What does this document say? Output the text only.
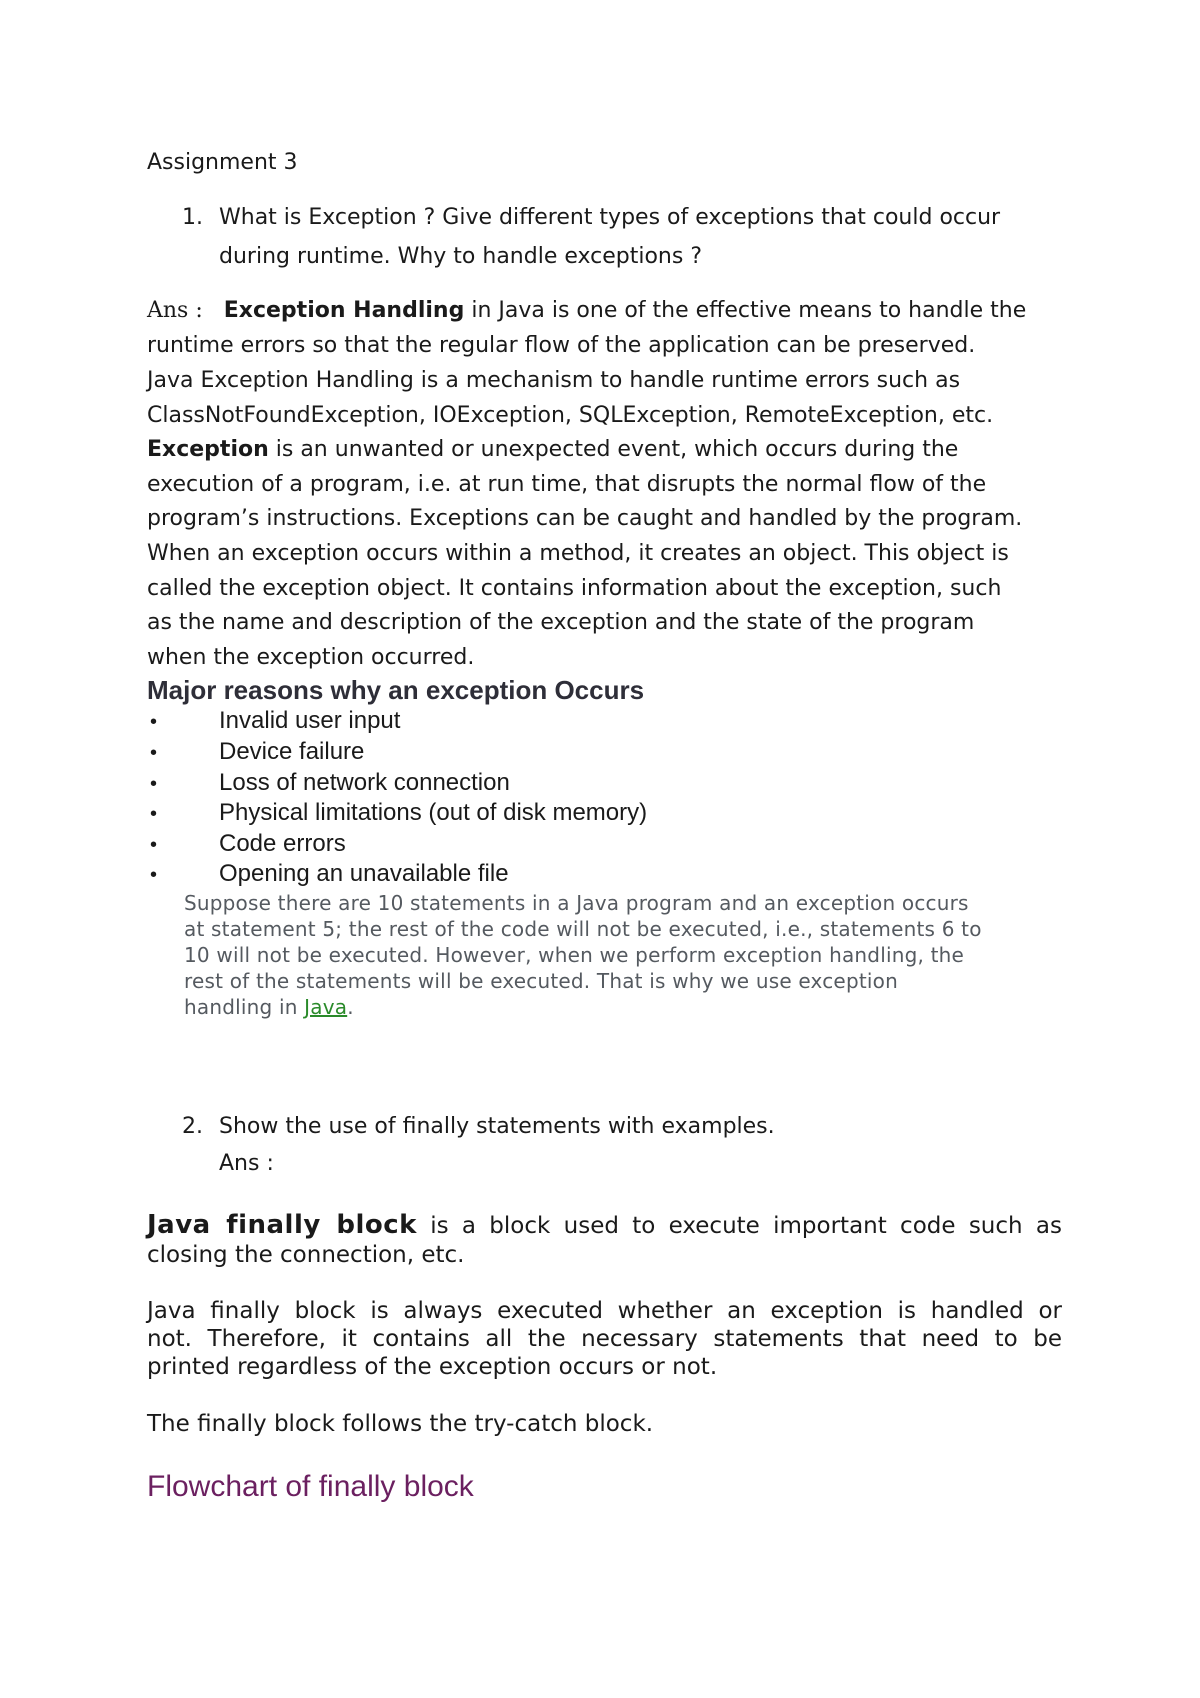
Assignment 3
1. What is Exception ? Give different types of exceptions that could occur
during runtime. Why to handle exceptions ?
Ans : Exception Handling in Java is one of the effective means to handle the
runtime errors so that the regular flow of the application can be preserved.
Java Exception Handling is a mechanism to handle runtime errors such as
ClassNotFoundException, IOException, SQLException, RemoteException, etc.
Exception is an unwanted or unexpected event, which occurs during the
execution of a program, i.e. at run time, that disrupts the normal flow of the
program’s instructions. Exceptions can be caught and handled by the program.
When an exception occurs within a method, it creates an object. This object is
called the exception object. It contains information about the exception, such
as the name and description of the exception and the state of the program
when the exception occurred.
Major reasons why an exception Occurs
•	Invalid user input
•	Device failure
•	Loss of network connection
•	Physical limitations (out of disk memory)
•	Code errors
•	Opening an unavailable file
Suppose there are 10 statements in a Java program and an exception occurs
at statement 5; the rest of the code will not be executed, i.e., statements 6 to
10 will not be executed. However, when we perform exception handling, the
rest of the statements will be executed. That is why we use exception
handling in Java.
2. Show the use of finally statements with examples.
Ans :
Java finally block is a block used to execute important code such as
closing the connection, etc.
Java finally block is always executed whether an exception is handled or
not. Therefore, it contains all the necessary statements that need to be
printed regardless of the exception occurs or not.
The finally block follows the try-catch block.
Flowchart of finally block
